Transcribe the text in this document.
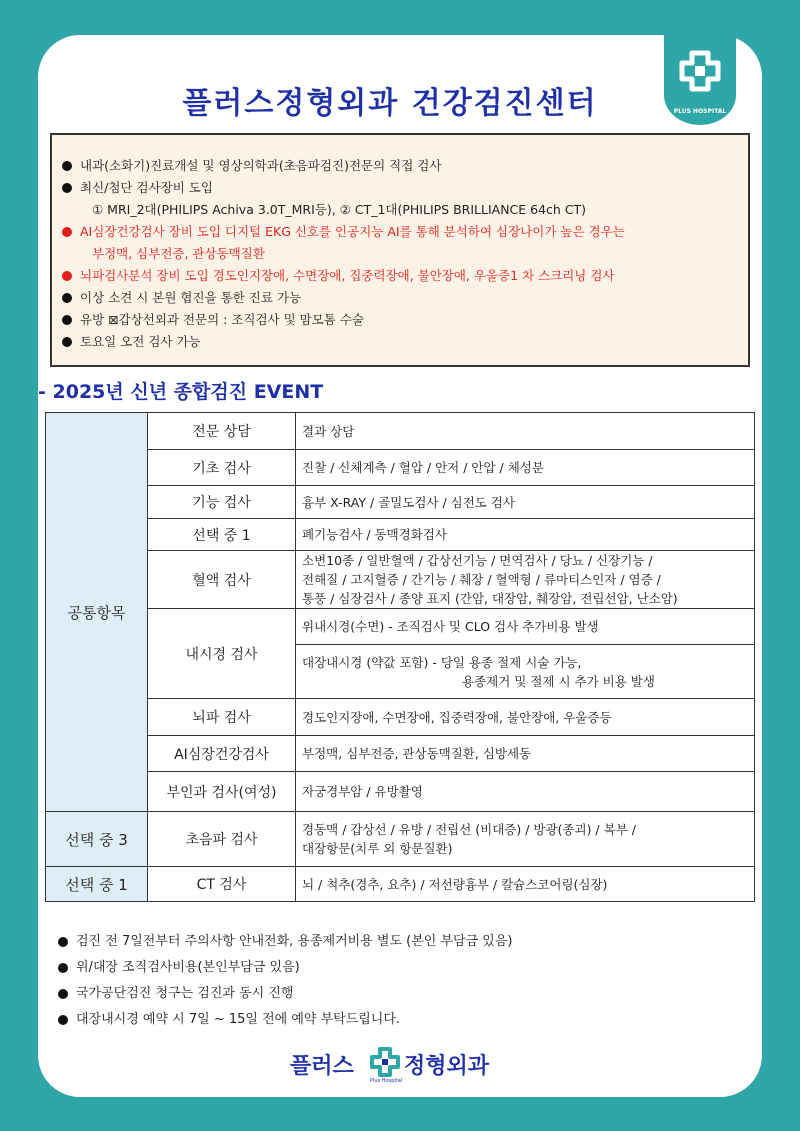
PLUS HOSPITAL
플러스정형외과 건강검진센터
내과(소화기)진료개설 및 영상의학과(초음파검진)전문의 직접 검사
최신/첨단 검사장비 도입
① MRI_2대(PHILIPS Achiva 3.0T_MRI등), ② CT_1대(PHILIPS BRILLIANCE 64ch CT)
AI심장건강검사 장비 도입 디지털 EKG 신호를 인공지능 AI를 통해 분석하여 심장나이가 높은 경우는
부정맥, 심부전증, 관상동맥질환
뇌파검사분석 장비 도입 경도인지장애, 수면장애, 집중력장애, 불안장애, 우울증1 차 스크리닝 검사
이상 소견 시 본원 협진을 통한 진료 가능
유방 ⊠갑상선외과 전문의 : 조직검사 및 맘모톰 수술
토요일 오전 검사 가능
- 2025년 신년 종합검진 EVENT
공통항목	전문 상담	결과 상담
	기초 검사	진찰 / 신체계측 / 혈압 / 안저 / 안압 / 체성분
	기능 검사	흉부 X-RAY / 골밀도검사 / 심전도 검사
	선택 중 1	폐기능검사 / 동맥경화검사
	혈액 검사	소변10종 / 일반혈액 / 갑상선기능 / 면역검사 / 당뇨 / 신장기능 /
전해질 / 고지혈증 / 간기능 / 췌장 / 혈액형 / 류마티스인자 / 염증 /
통풍 / 심장검사 / 종양 표지 (간암, 대장암, 췌장암, 전립선암, 난소암)

	내시경 검사	위내시경(수면) - 조직검사 및 CLO 검사 추가비용 발생

		대장내시경 (약값 포함) - 당일 용종 절제 시술 가능,
용종제거 및 절제 시 추가 비용 발생

	뇌파 검사	경도인지장애, 수면장애, 집중력장애, 불안장애, 우울증등
	AI심장건강검사	부정맥, 심부전증, 관상동맥질환, 심방세동
	부인과 검사(여성)	자궁경부암 / 유방촬영
선택 중 3	초음파 검사	경동맥 / 갑상선 / 유방 / 전립선 (비대증) / 방광(종괴) / 복부 /
대장항문(치루 외 항문질환)

선택 중 1	CT 검사	뇌 / 척추(경추, 요추) / 저선량흉부 / 칼슘스코어링(심장)
검진 전 7일전부터 주의사항 안내전화, 용종제거비용 별도 (본인 부담금 있음)
위/대장 조직검사비용(본인부담금 있음)
국가공단검진 청구는 검진과 동시 진행
대장내시경 예약 시 7일 ~ 15일 전에 예약 부탁드립니다.
플러스 정형외과
Plus Hospital
